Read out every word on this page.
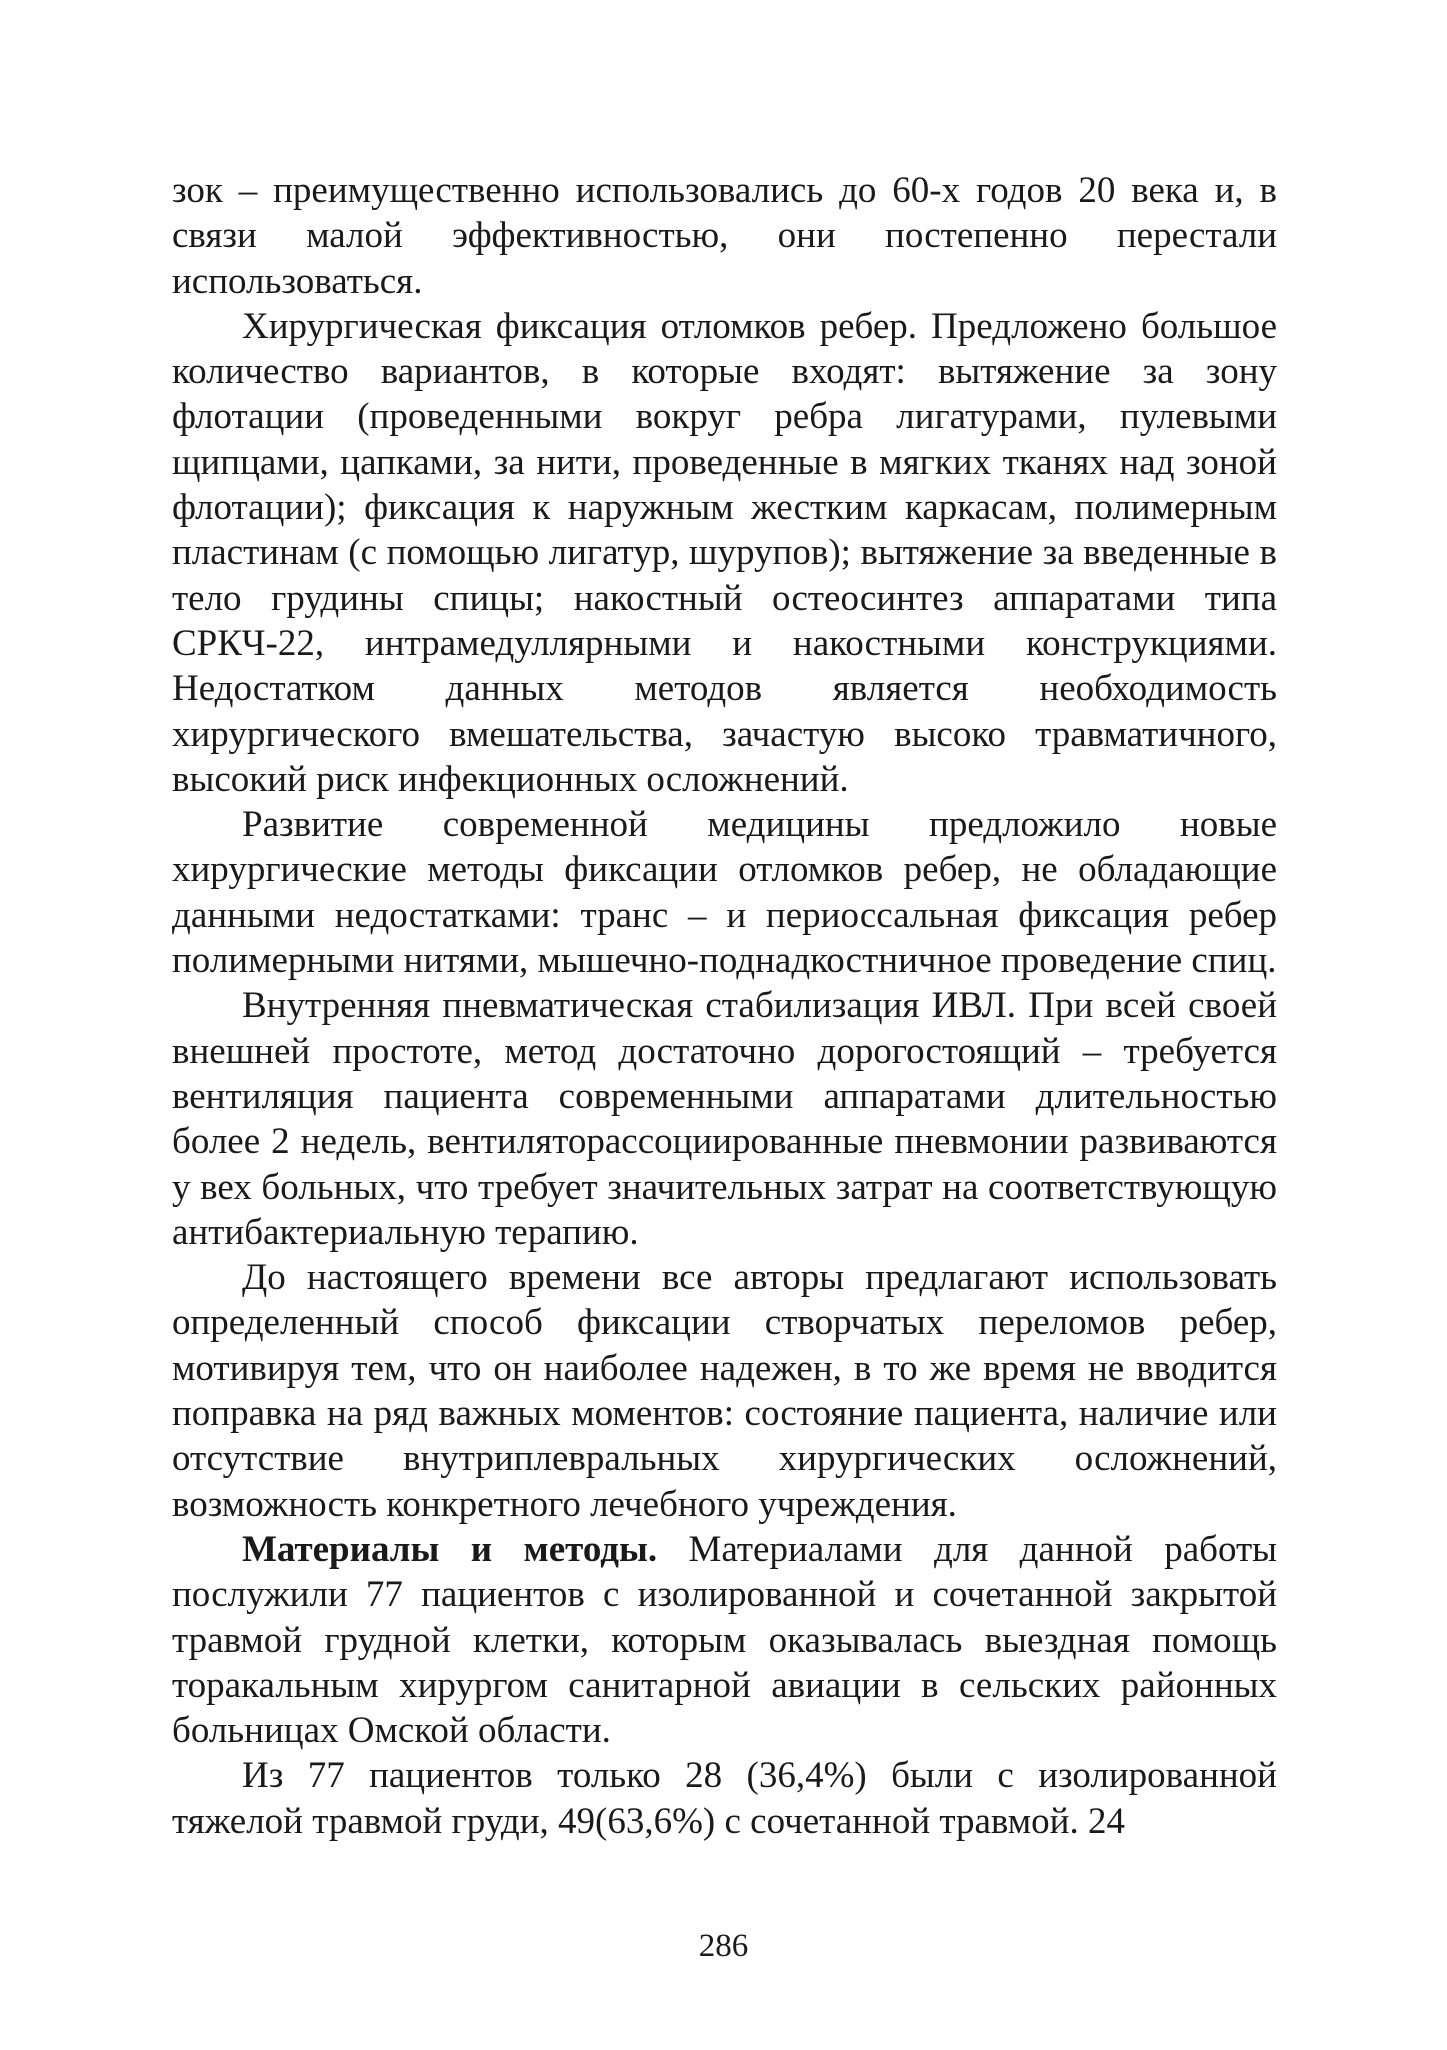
зок – преимущественно использовались до 60-х годов 20 века и, в связи малой эффективностью, они постепенно перестали использоваться.

Хирургическая фиксация отломков ребер. Предложено большое количество вариантов, в которые входят: вытяжение за зону флотации (проведенными вокруг ребра лигатурами, пулевыми щипцами, цапками, за нити, проведенные в мягких тканях над зоной флотации); фиксация к наружным жестким каркасам, полимерным пластинам (с помощью лигатур, шурупов); вытяжение за введенные в тело грудины спицы; накостный остеосинтез аппаратами типа СРКЧ-22, интрамедуллярными и накостными конструкциями. Недостатком данных методов является необходимость хирургического вмешательства, зачастую высоко травматичного, высокий риск инфекционных осложнений.

Развитие современной медицины предложило новые хирургические методы фиксации отломков ребер, не обладающие данными недостатками: транс – и периоссальная фиксация ребер полимерными нитями, мышечно-поднадкостничное проведение спиц.

Внутренняя пневматическая стабилизация ИВЛ. При всей своей внешней простоте, метод достаточно дорогостоящий – требуется вентиляция пациента современными аппаратами длительностью более 2 недель, вентиляторассоциированные пневмонии развиваются у вех больных, что требует значительных затрат на соответствующую антибактериальную терапию.

До настоящего времени все авторы предлагают использовать определенный способ фиксации створчатых переломов ребер, мотивируя тем, что он наиболее надежен, в то же время не вводится поправка на ряд важных моментов: состояние пациента, наличие или отсутствие внутриплевральных хирургических осложнений, возможность конкретного лечебного учреждения.

Материалы и методы. Материалами для данной работы послужили 77 пациентов с изолированной и сочетанной закрытой травмой грудной клетки, которым оказывалась выездная помощь торакальным хирургом санитарной авиации в сельских районных больницах Омской области.

Из 77 пациентов только 28 (36,4%) были с изолированной тяжелой травмой груди, 49(63,6%) с сочетанной травмой. 24

286
